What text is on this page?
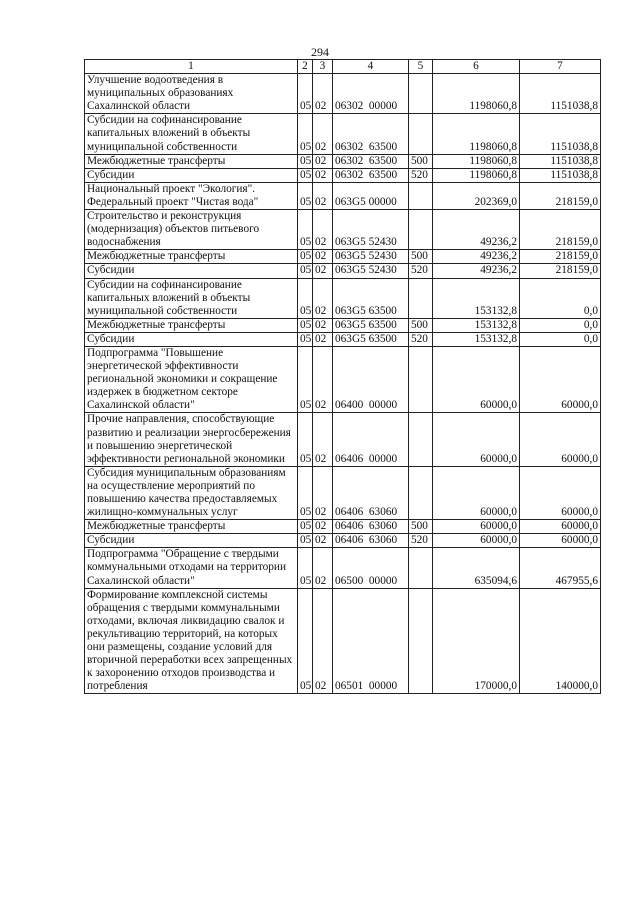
294
1	2	3	4	5	6	7
Улучшение водоотведения в муниципальных образованиях Сахалинской области	05	02	06302  00000		1198060,8	1151038,8
Субсидии на софинансирование капитальных вложений в объекты муниципальной собственности	05	02	06302  63500		1198060,8	1151038,8
Межбюджетные трансферты	05	02	06302  63500	500	1198060,8	1151038,8
Субсидии	05	02	06302  63500	520	1198060,8	1151038,8
Национальный проект "Экология". Федеральный проект "Чистая вода"	05	02	063G5 00000		202369,0	218159,0
Строительство и реконструкция (модернизация) объектов питьевого водоснабжения	05	02	063G5 52430		49236,2	218159,0
Межбюджетные трансферты	05	02	063G5 52430	500	49236,2	218159,0
Субсидии	05	02	063G5 52430	520	49236,2	218159,0
Субсидии на софинансирование капитальных вложений в объекты муниципальной собственности	05	02	063G5 63500		153132,8	0,0
Межбюджетные трансферты	05	02	063G5 63500	500	153132,8	0,0
Субсидии	05	02	063G5 63500	520	153132,8	0,0
Подпрограмма "Повышение энергетической эффективности региональной экономики и сокращение издержек в бюджетном секторе Сахалинской области"	05	02	06400  00000		60000,0	60000,0
Прочие направления, способствующие развитию и реализации энергосбережения и повышению энергетической эффективности региональной экономики	05	02	06406  00000		60000,0	60000,0
Субсидия муниципальным образованиям на осуществление мероприятий по повышению качества предоставляемых жилищно-коммунальных услуг	05	02	06406  63060		60000,0	60000,0
Межбюджетные трансферты	05	02	06406  63060	500	60000,0	60000,0
Субсидии	05	02	06406  63060	520	60000,0	60000,0
Подпрограмма "Обращение с твердыми коммунальными отходами на территории Сахалинской области"	05	02	06500  00000		635094,6	467955,6
Формирование комплексной системы обращения с твердыми коммунальными отходами, включая ликвидацию свалок и рекультивацию территорий, на которых они размещены, создание условий для вторичной переработки всех запрещенных к захоронению отходов производства и потребления	05	02	06501  00000		170000,0	140000,0
